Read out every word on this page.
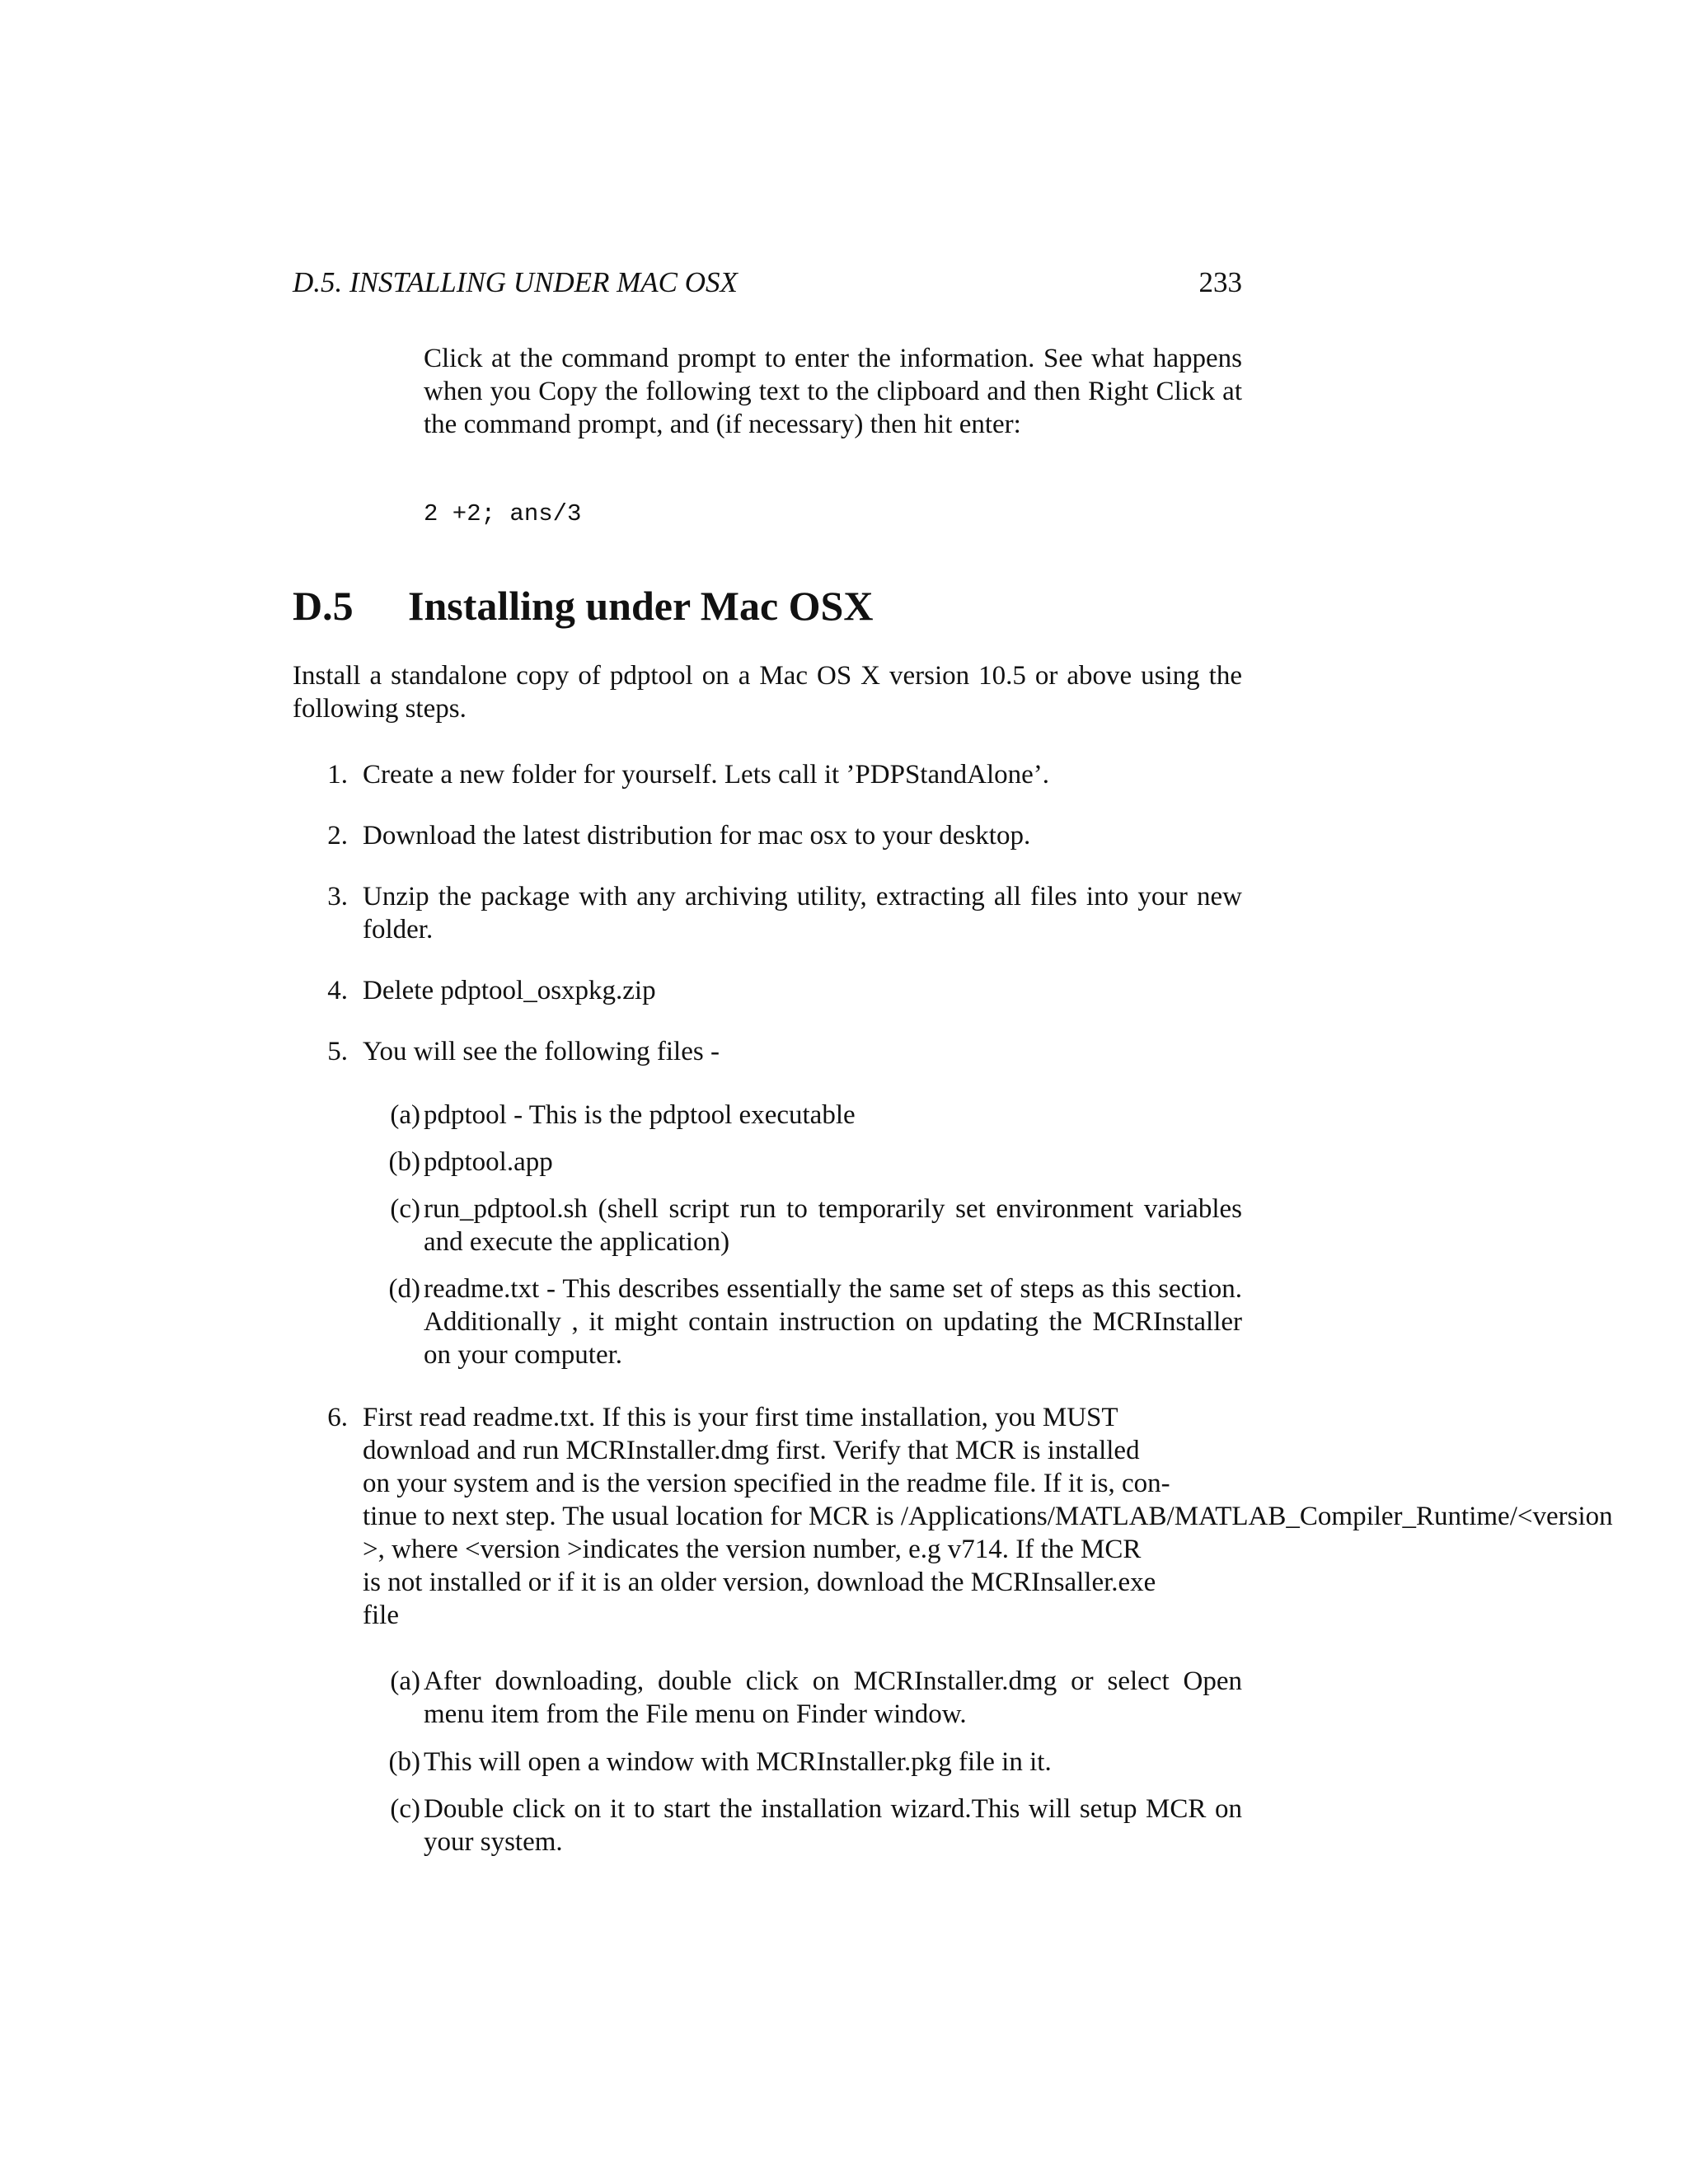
D.5. INSTALLING UNDER MAC OSX	233
Click at the command prompt to enter the information. See what happens when you Copy the following text to the clipboard and then Right Click at the command prompt, and (if necessary) then hit enter:
2 +2; ans/3
D.5 Installing under Mac OSX
Install a standalone copy of pdptool on a Mac OS X version 10.5 or above using the following steps.
1. Create a new folder for yourself. Lets call it ’PDPStandAlone’.
2. Download the latest distribution for mac osx to your desktop.
3. Unzip the package with any archiving utility, extracting all files into your new folder.
4. Delete pdptool_osxpkg.zip
5. You will see the following files -
(a) pdptool - This is the pdptool executable
(b) pdptool.app
(c) run_pdptool.sh (shell script run to temporarily set environment variables and execute the application)
(d) readme.txt - This describes essentially the same set of steps as this section. Additionally , it might contain instruction on updating the MCRInstaller on your computer.
6. First read readme.txt. If this is your first time installation, you MUST
download and run MCRInstaller.dmg first. Verify that MCR is installed
on your system and is the version specified in the readme file. If it is, con-
tinue to next step. The usual location for MCR is /Applications/MATLAB/MATLAB_Compiler_Runtime/<version
>, where <version >indicates the version number, e.g v714. If the MCR
is not installed or if it is an older version, download the MCRInsaller.exe
file
(a) After downloading, double click on MCRInstaller.dmg or select Open menu item from the File menu on Finder window.
(b) This will open a window with MCRInstaller.pkg file in it.
(c) Double click on it to start the installation wizard.This will setup MCR on your system.
